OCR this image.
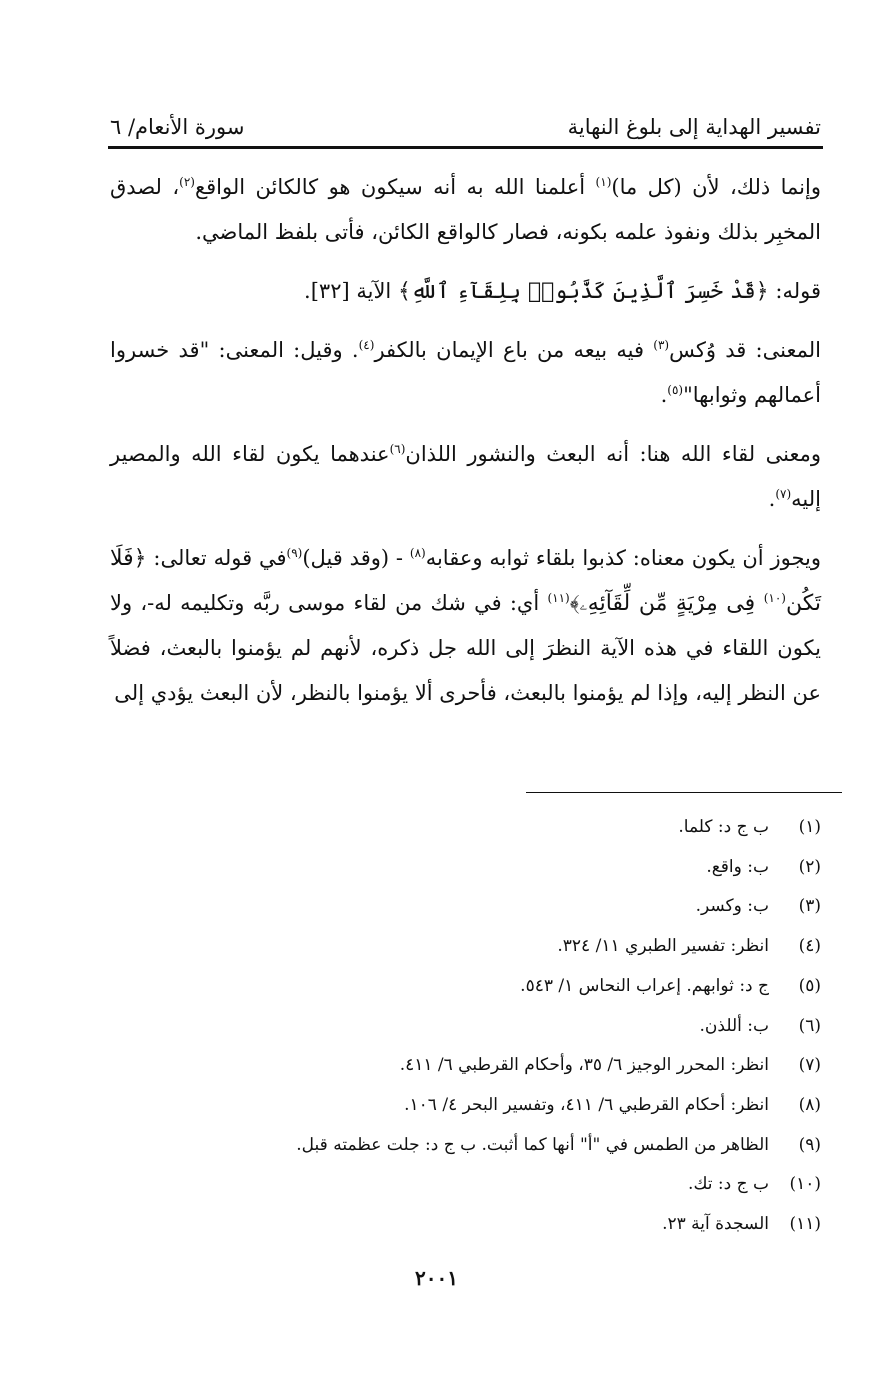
سورة الأنعام/ ٦	تفسير الهداية إلى بلوغ النهاية

وإنما ذلك، لأن (كل ما)$^{(١)}$ أعلمنا الله به أنه سيكون هو كالكائن الواقع$^{(٢)}$، لصدق المخبِر بذلك ونفوذ علمه بكونه، فصار كالواقع الكائن، فأتى بلفظ الماضي.

قوله: ﴿قَدْ خَسِرَ ٱلَّذِينَ كَذَّبُوا۟ بِلِقَآءِ ٱللَّهِ﴾ الآية [٣٢].

المعنى: قد وُكس$^{(٣)}$ فيه بيعه من باع الإيمان بالكفر$^{(٤)}$. وقيل: المعنى: "قد خسروا أعمالهم وثوابها"$^{(٥)}$.

ومعنى لقاء الله هنا: أنه البعث والنشور اللذان$^{(٦)}$عندهما يكون لقاء الله والمصير إليه$^{(٧)}$.

ويجوز أن يكون معناه: كذبوا بلقاء ثوابه وعقابه$^{(٨)}$ - (وقد قيل)$^{(٩)}$في قوله تعالى: ﴿فَلَا تَكُن$^{(١٠)}$ فِى مِرْيَةٍ مِّن لِّقَآئِهِۦ﴾$^{(١١)}$ أي: في شك من لقاء موسى ربَّه وتكليمه له-، ولا يكون اللقاء في هذه الآية النظرَ إلى الله جل ذكره، لأنهم لم يؤمنوا بالبعث، فضلاً عن النظر إليه، وإذا لم يؤمنوا بالبعث، فأحرى ألا يؤمنوا بالنظر، لأن البعث يؤدي إلى

(١)
ب ج د: كلما.
(٢)
ب: واقع.
(٣)
ب: وكسر.
(٤)
انظر: تفسير الطبري ١١/ ٣٢٤.
(٥)
ج د: ثوابهم. إعراب النحاس ١/ ٥٤٣.
(٦)
ب: أللذن.
(٧)
انظر: المحرر الوجيز ٦/ ٣٥، وأحكام القرطبي ٦/ ٤١١.
(٨)
انظر: أحكام القرطبي ٦/ ٤١١، وتفسير البحر ٤/ ١٠٦.
(٩)
الظاهر من الطمس في "أ" أنها كما أثبت. ب ج د: جلت عظمته قبل.
(١٠)
ب ج د: تك.
(١١)
السجدة آية ٢٣.
٢٠٠١
